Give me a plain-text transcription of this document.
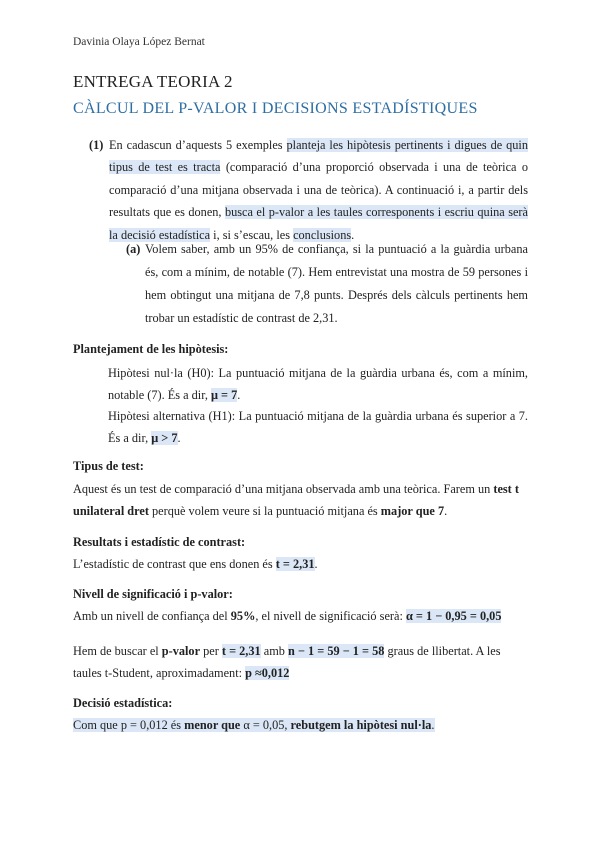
Davinia Olaya López Bernat
ENTREGA TEORIA 2
CÀLCUL DEL P-VALOR I DECISIONS ESTADÍSTIQUES
(1) En cadascun d’aquests 5 exemples planteja les hipòtesis pertinents i digues de quin tipus de test es tracta (comparació d’una proporció observada i una de teòrica o comparació d’una mitjana observada i una de teòrica). A continuació i, a partir dels resultats que es donen, busca el p-valor a les taules corresponents i escriu quina serà la decisió estadística i, si s’escau, les conclusions.
(a) Volem saber, amb un 95% de confiança, si la puntuació a la guàrdia urbana és, com a mínim, de notable (7). Hem entrevistat una mostra de 59 persones i hem obtingut una mitjana de 7,8 punts. Després dels càlculs pertinents hem trobar un estadístic de contrast de 2,31.
Plantejament de les hipòtesis:
Hipòtesi nul·la (H0): La puntuació mitjana de la guàrdia urbana és, com a mínim, notable (7). És a dir, μ = 7.
Hipòtesi alternativa (H1): La puntuació mitjana de la guàrdia urbana és superior a 7. És a dir, μ > 7.
Tipus de test:
Aquest és un test de comparació d’una mitjana observada amb una teòrica. Farem un test t unilateral dret perquè volem veure si la puntuació mitjana és major que 7.
Resultats i estadístic de contrast:
L’estadístic de contrast que ens donen és t = 2,31.
Nivell de significació i p-valor:
Amb un nivell de confiança del 95%, el nivell de significació serà: α = 1 − 0,95 = 0,05
Hem de buscar el p-valor per t = 2,31 amb n − 1 = 59 − 1 = 58 graus de llibertat. A les taules t-Student, aproximadament: p ≈0,012
Decisió estadística:
Com que p = 0,012 és menor que α = 0,05, rebutgem la hipòtesi nul·la.
